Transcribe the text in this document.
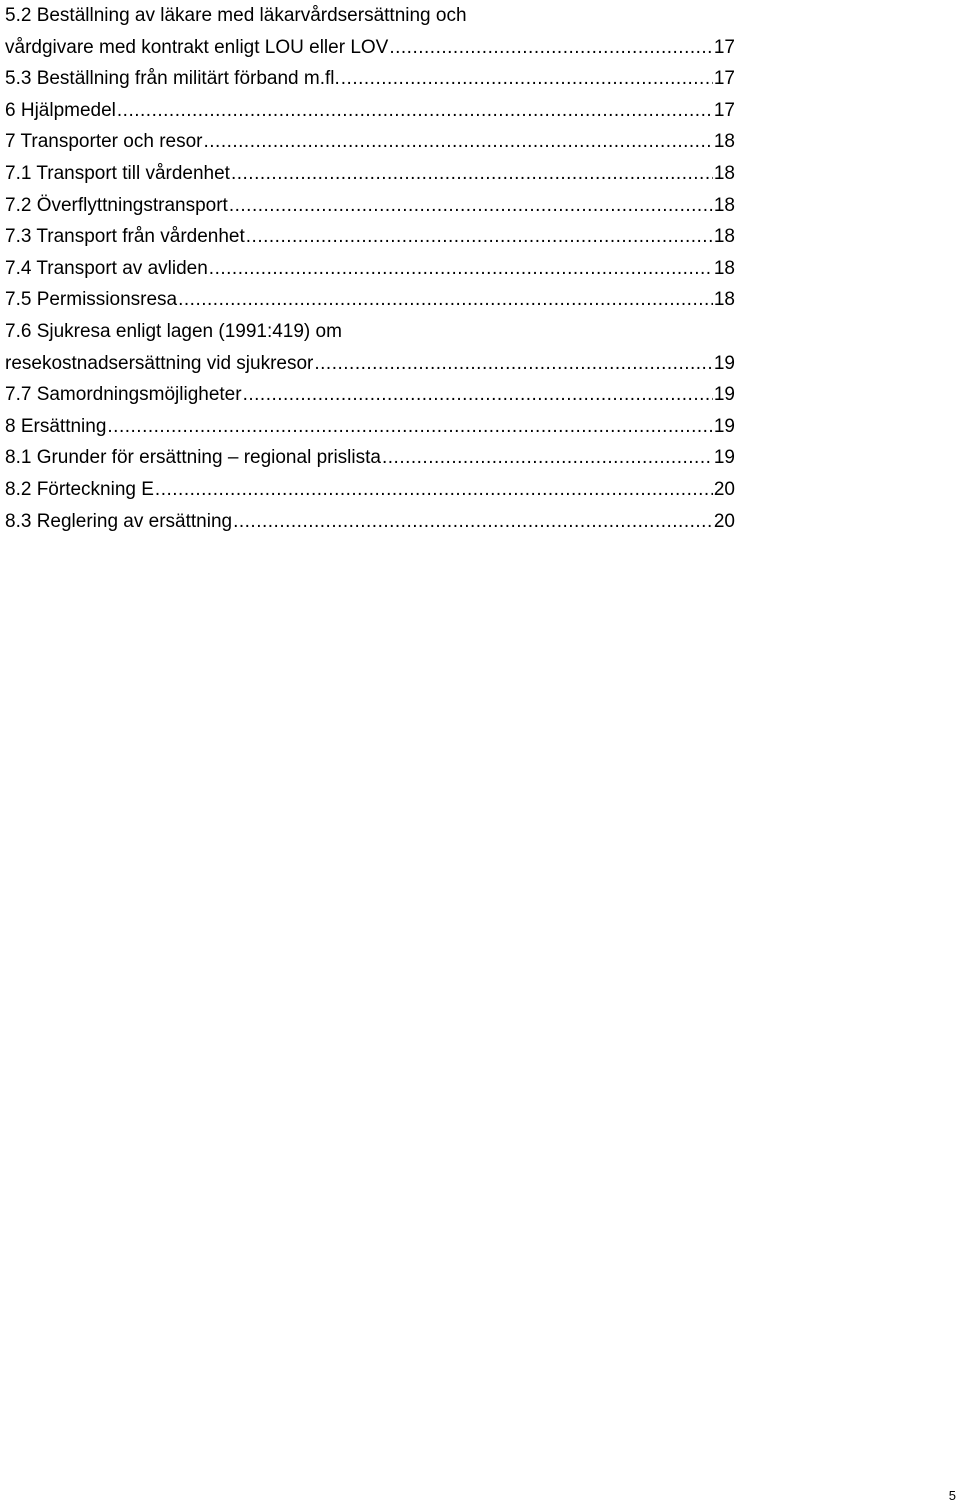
5.2 Beställning av läkare med läkarvårdsersättning och
vårdgivare med kontrakt enligt LOU eller LOV .....	17
5.3 Beställning från militärt förband m.fl. .....	17
6 Hjälpmedel .....	17
7 Transporter och resor .....	18
7.1 Transport till vårdenhet .....	18
7.2 Överflyttningstransport .....	18
7.3 Transport från vårdenhet .....	18
7.4 Transport av avliden .....	18
7.5 Permissionsresa .....	18
7.6 Sjukresa enligt lagen (1991:419) om
resekostnadsersättning vid sjukresor .....	19
7.7 Samordningsmöjligheter .....	19
8 Ersättning .....	19
8.1 Grunder för ersättning – regional prislista .....	19
8.2 Förteckning E .....	20
8.3 Reglering av ersättning .....	20
5
